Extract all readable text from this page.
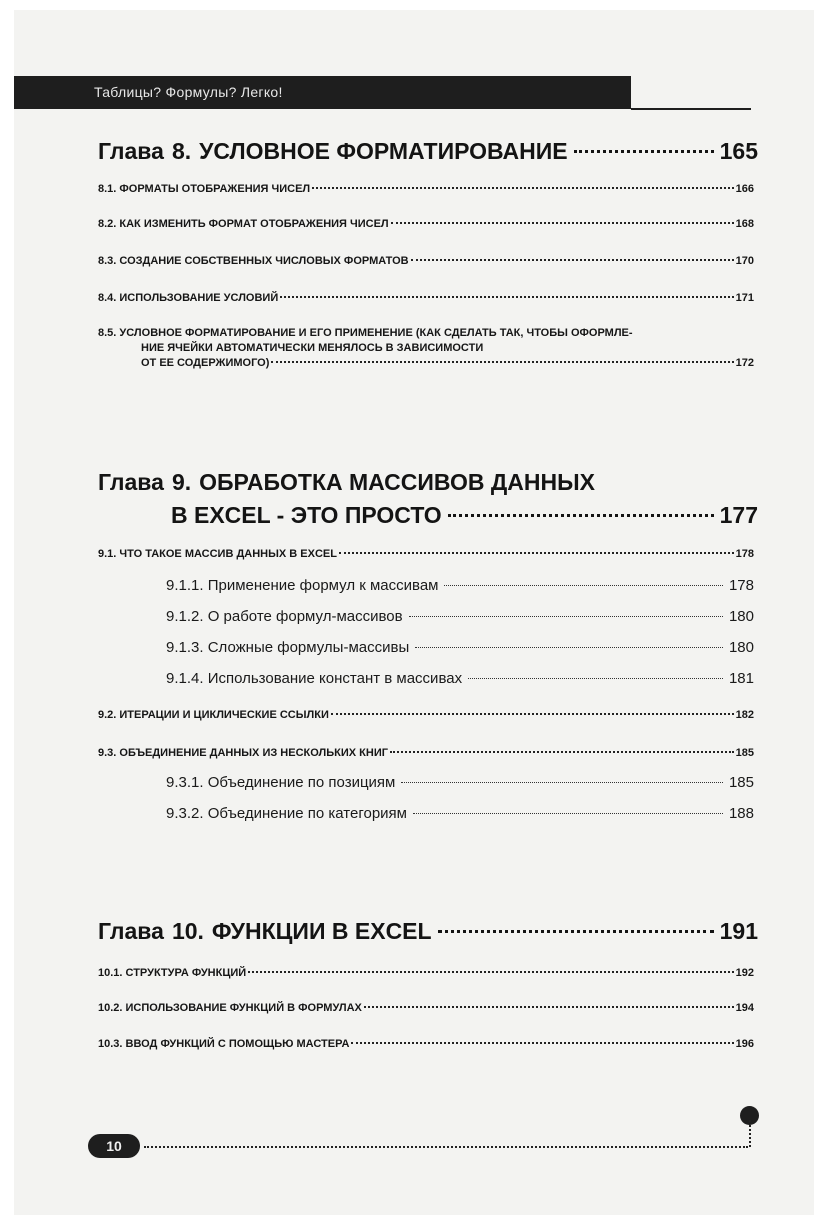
Таблицы? Формулы? Легко!
Глава 8. УСЛОВНОЕ ФОРМАТИРОВАНИЕ	165
8.1. ФОРМАТЫ ОТОБРАЖЕНИЯ ЧИСЕЛ	166
8.2. КАК ИЗМЕНИТЬ ФОРМАТ ОТОБРАЖЕНИЯ ЧИСЕЛ	168
8.3. СОЗДАНИЕ СОБСТВЕННЫХ ЧИСЛОВЫХ ФОРМАТОВ	170
8.4. ИСПОЛЬЗОВАНИЕ УСЛОВИЙ	171
8.5. УСЛОВНОЕ ФОРМАТИРОВАНИЕ И ЕГО ПРИМЕНЕНИЕ (КАК СДЕЛАТЬ ТАК, ЧТОБЫ ОФОРМЛЕ-
НИЕ ЯЧЕЙКИ АВТОМАТИЧЕСКИ МЕНЯЛОСЬ В ЗАВИСИМОСТИ
ОТ ЕЕ СОДЕРЖИМОГО)	172
Глава 9. ОБРАБОТКА МАССИВОВ ДАННЫХ
В EXCEL - ЭТО ПРОСТО	177
9.1. ЧТО ТАКОЕ МАССИВ ДАННЫХ В EXCEL	178
9.1.1. Применение формул к массивам	178
9.1.2. О работе формул-массивов	180
9.1.3. Сложные формулы-массивы	180
9.1.4. Использование констант в массивах	181
9.2. ИТЕРАЦИИ И ЦИКЛИЧЕСКИЕ ССЫЛКИ	182
9.3. ОБЪЕДИНЕНИЕ ДАННЫХ ИЗ НЕСКОЛЬКИХ КНИГ	185
9.3.1. Объединение по позициям	185
9.3.2. Объединение по категориям	188
Глава 10. ФУНКЦИИ В EXCEL	191
10.1. СТРУКТУРА ФУНКЦИЙ	192
10.2. ИСПОЛЬЗОВАНИЕ ФУНКЦИЙ В ФОРМУЛАХ	194
10.3. ВВОД ФУНКЦИЙ С ПОМОЩЬЮ МАСТЕРА	196
10
